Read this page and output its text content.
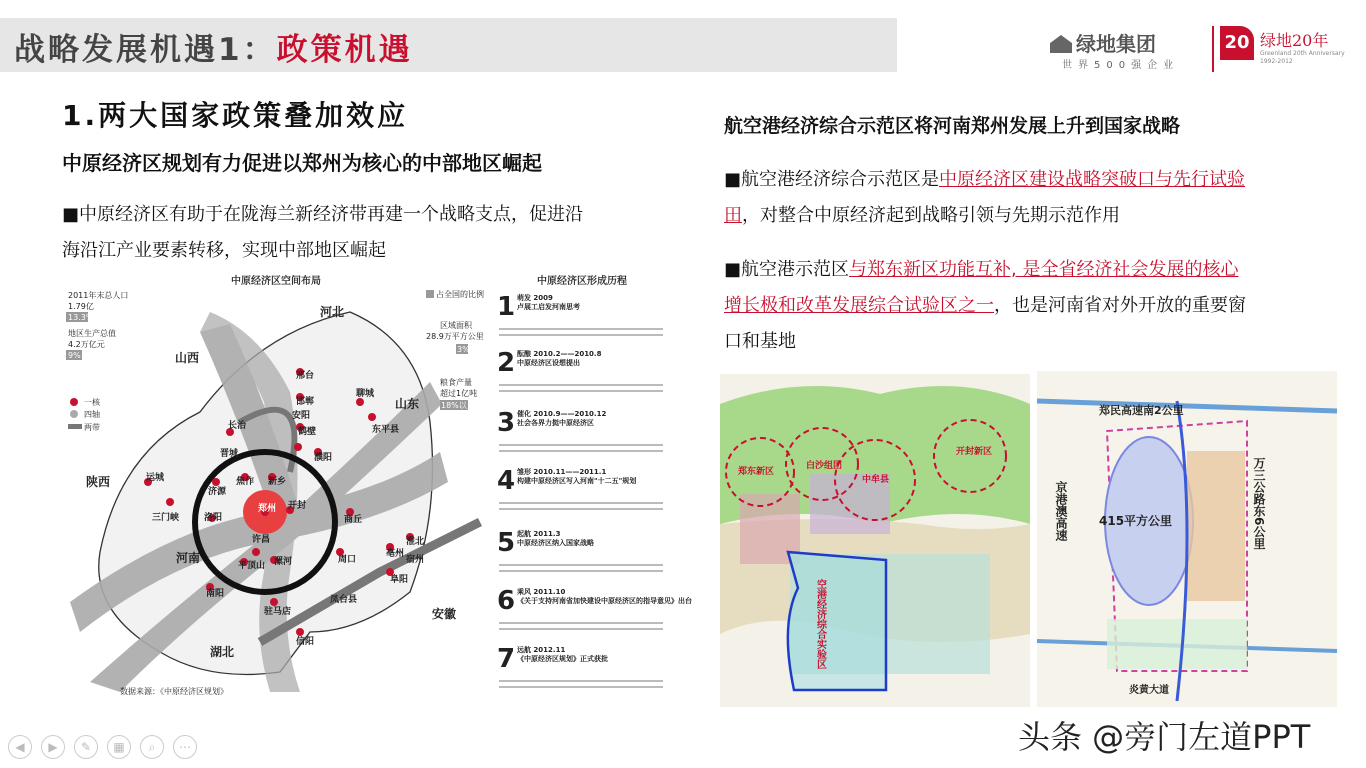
战略发展机遇1：政策机遇	绿地集团
世界500强企业
20 绿地20年
Greenland 20th Anniversary 1992-2012
1.两大国家政策叠加效应
中原经济区规划有力促进以郑州为核心的中部地区崛起
■中原经济区有助于在陇海兰新经济带再建一个战略支点，促进沿
海沿江产业要素转移，实现中部地区崛起
中原经济区空间布局
郑州 开封
洛阳
平顶山 漯河
许昌
焦作 新乡
鹤壁
濮阳
邯郸
邢台
聊城
商丘
周口
驻马店
信阳
南阳
三门峡
运城
长治
亳州
淮北
阜阳
东平县
济源
晋城
安阳
凤台县
宿州
河北
山西
山东
陕西
河南
湖北
安徽
2011年末总人口
1.79亿
13.3%
地区生产总值
4.2万亿元
9%
一核
四轴
两带
占全国的比例
区域面积
28.9万平方公里
3%
粮食产量
超过1亿吨
18%以上
数据来源：《中原经济区规划》
中原经济区形成历程
1 萌发 2009
卢展工启发河南思考
2 酝酿 2010.2——2010.8
中原经济区设想提出
3 催化 2010.9——2010.12
社会各界力挺中原经济区
4 雏形 2010.11——2011.1
构建中原经济区写入河南"十二五"规划
5 起航 2011.3
中原经济区纳入国家战略
6 乘风 2011.10
《关于支持河南省加快建设中原经济区的指导意见》出台
7 远航 2012.11
《中原经济区规划》正式获批
航空港经济综合示范区将河南郑州发展上升到国家战略
■航空港经济综合示范区是中原经济区建设战略突破口与先行试验
田，对整合中原经济起到战略引领与先期示范作用
■航空港示范区与郑东新区功能互补, 是全省经济社会发展的核心
增长极和改革发展综合试验区之一，也是河南省对外开放的重要窗
口和基地
郑东新区
白沙组团
中牟县
开封新区
空港经济综合实验区
郑民高速南2公里
京港澳高速	415平方公里	万三公路东6公里
炎黄大道
◀ ▶ ✎ ▦ ⌕ ⋯	头条 @旁门左道PPT
